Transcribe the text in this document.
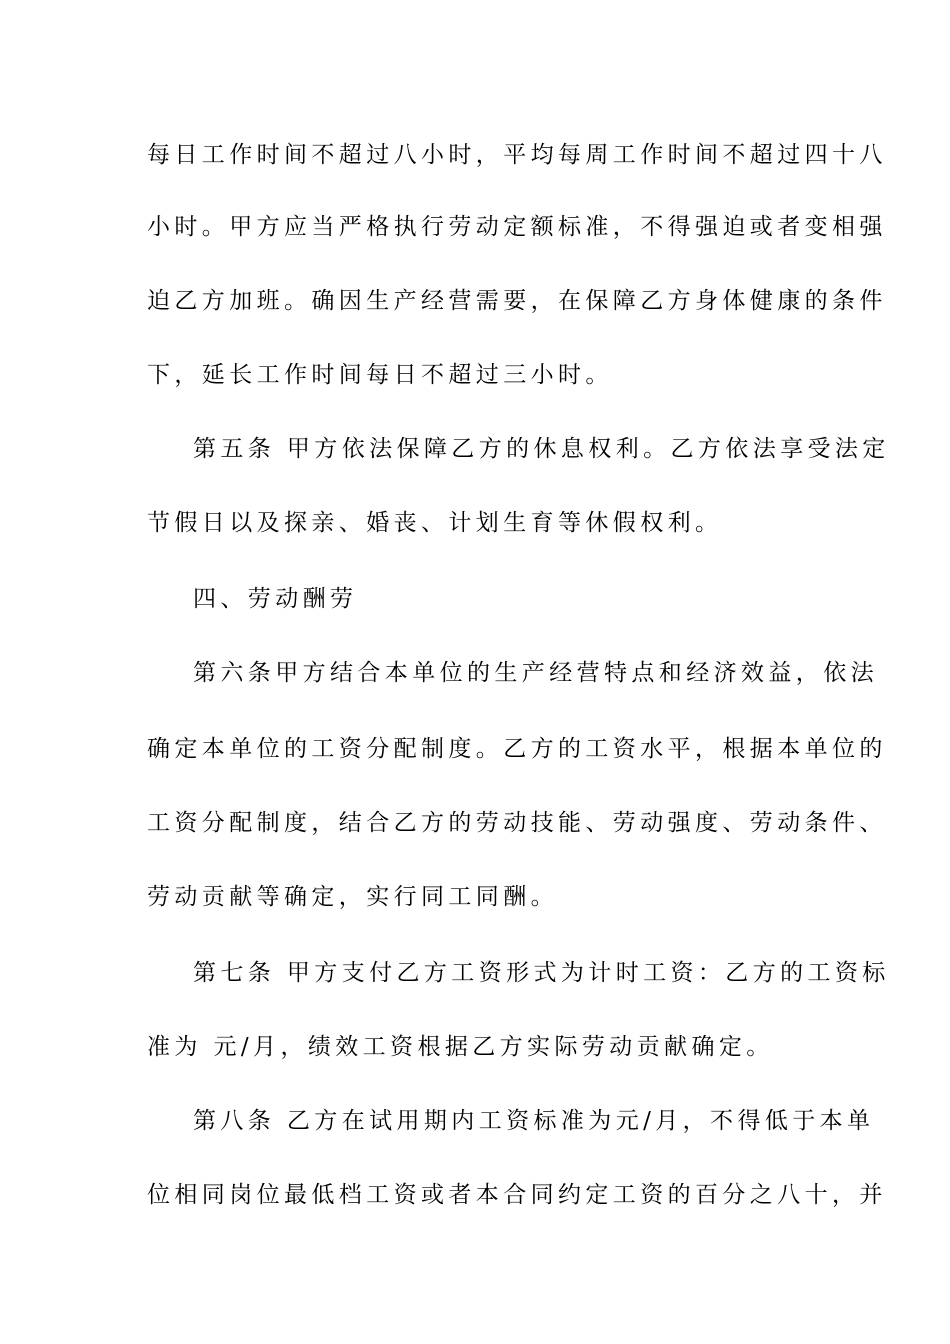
每日工作时间不超过八小时，平均每周工作时间不超过四十八
小时。甲方应当严格执行劳动定额标准，不得强迫或者变相强
迫乙方加班。确因生产经营需要，在保障乙方身体健康的条件
下，延长工作时间每日不超过三小时。
第五条 甲方依法保障乙方的休息权利。乙方依法享受法定
节假日以及探亲、婚丧、计划生育等休假权利。
四、劳动酬劳
第六条甲方结合本单位的生产经营特点和经济效益，依法
确定本单位的工资分配制度。乙方的工资水平，根据本单位的
工资分配制度，结合乙方的劳动技能、劳动强度、劳动条件、
劳动贡献等确定，实行同工同酬。
第七条 甲方支付乙方工资形式为计时工资：乙方的工资标
准为 元/月，绩效工资根据乙方实际劳动贡献确定。
第八条 乙方在试用期内工资标准为元/月，不得低于本单
位相同岗位最低档工资或者本合同约定工资的百分之八十，并
